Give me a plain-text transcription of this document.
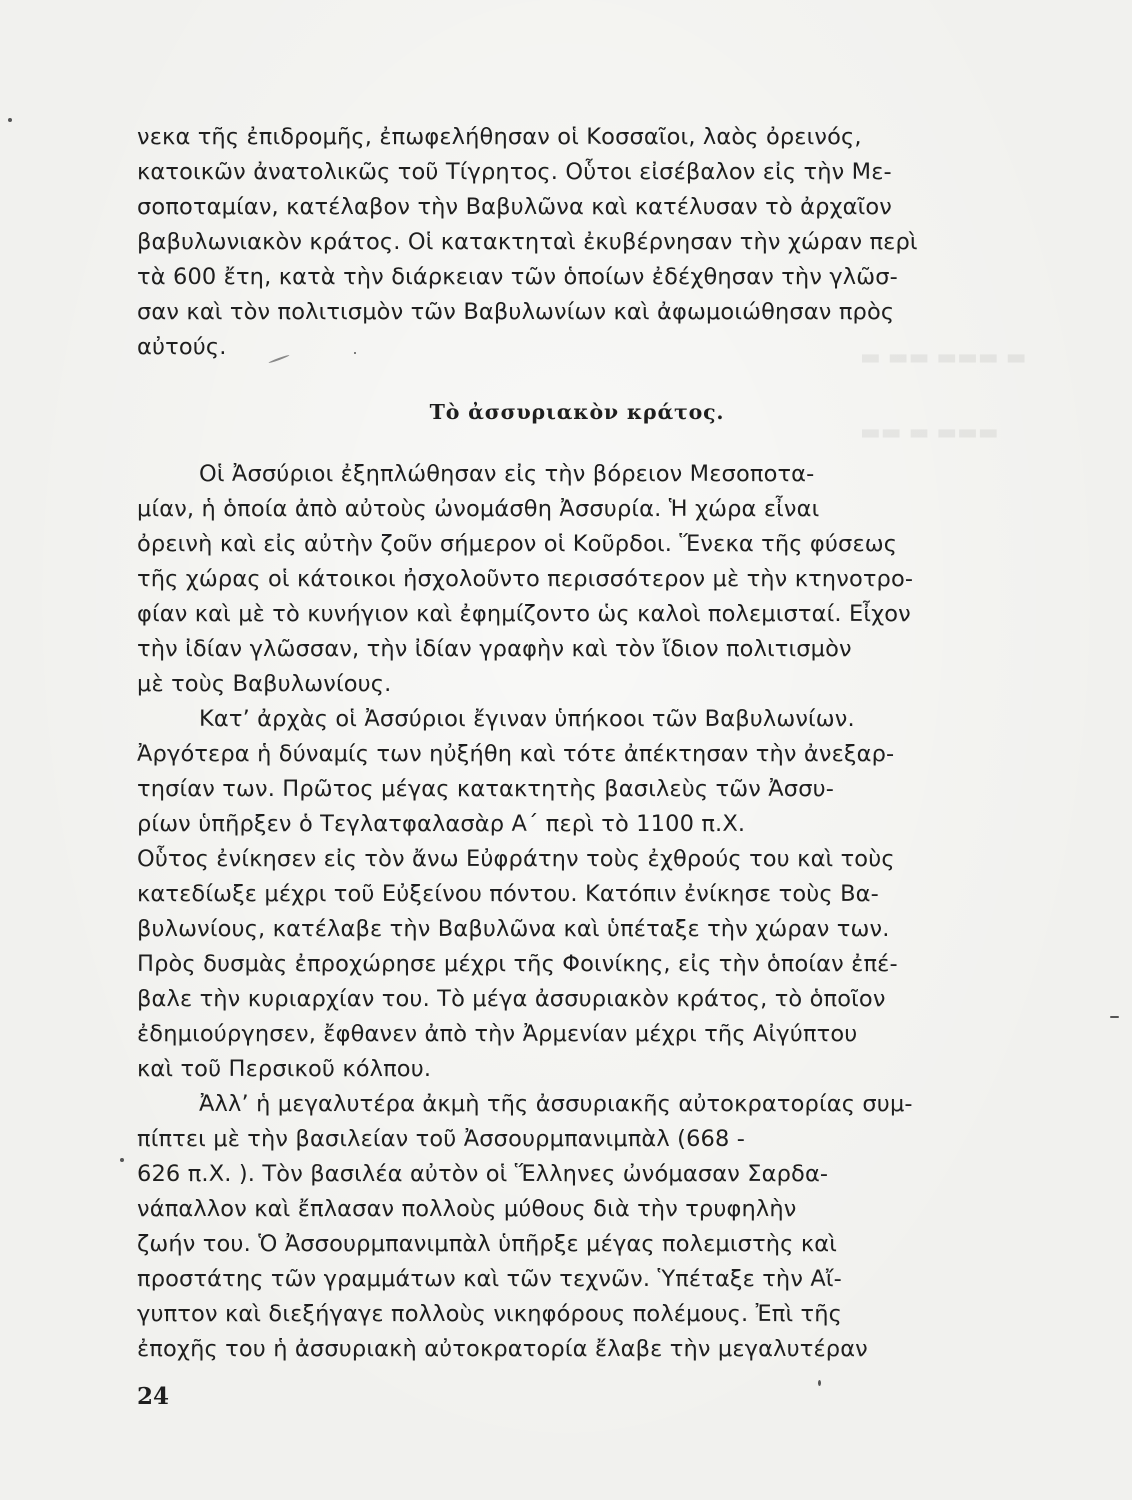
▬ ▬▬ ▬▬▬ ▬
▬▬ ▬ ▬▬▬
νεκα τῆς ἐπιδρομῆς, ἐπωφελήθησαν οἱ Κοσσαῖοι, λαὸς ὀρεινός,
κατοικῶν ἀνατολικῶς τοῦ Τίγρητος. Οὗτοι εἰσέβαλον εἰς τὴν Με-
σοποταμίαν, κατέλαβον τὴν Βαβυλῶνα καὶ κατέλυσαν τὸ ἀρχαῖον
βαβυλωνιακὸν κράτος. Οἱ κατακτηταὶ ἐκυβέρνησαν τὴν χώραν περὶ
τὰ 600 ἔτη, κατὰ τὴν διάρκειαν τῶν ὁποίων ἐδέχθησαν τὴν γλῶσ-
σαν καὶ τὸν πολιτισμὸν τῶν Βαβυλωνίων καὶ ἀφωμοιώθησαν πρὸς
αὐτούς.
Τὸ ἀσσυριακὸν κράτος.
Οἱ Ἀσσύριοι ἐξηπλώθησαν εἰς τὴν βόρειον Μεσοποτα-
μίαν, ἡ ὁποία ἀπὸ αὐτοὺς ὠνομάσθη Ἀσσυρία. Ἡ χώρα εἶναι
ὀρεινὴ καὶ εἰς αὐτὴν ζοῦν σήμερον οἱ Κοῦρδοι. Ἕνεκα τῆς φύσεως
τῆς χώρας οἱ κάτοικοι ἠσχολοῦντο περισσότερον μὲ τὴν κτηνοτρο-
φίαν καὶ μὲ τὸ κυνήγιον καὶ ἐφημίζοντο ὡς καλοὶ πολεμισταί. Εἶχον
τὴν ἰδίαν γλῶσσαν, τὴν ἰδίαν γραφὴν καὶ τὸν ἴδιον πολιτισμὸν
μὲ τοὺς Βαβυλωνίους.
Κατ’ ἀρχὰς οἱ Ἀσσύριοι ἔγιναν ὑπήκοοι τῶν Βαβυλωνίων.
Ἀργότερα ἡ δύναμίς των ηὐξήθη καὶ τότε ἀπέκτησαν τὴν ἀνεξαρ-
τησίαν των. Πρῶτος μέγας κατακτητὴς βασιλεὺς τῶν Ἀσσυ-
ρίων ὑπῆρξεν ὁ Τεγλατφαλασὰρ Α΄ περὶ τὸ 1100 π.Χ.
Οὗτος ἐνίκησεν εἰς τὸν ἄνω Εὐφράτην τοὺς ἐχθρούς του καὶ τοὺς
κατεδίωξε μέχρι τοῦ Εὐξείνου πόντου. Κατόπιν ἐνίκησε τοὺς Βα-
βυλωνίους, κατέλαβε τὴν Βαβυλῶνα καὶ ὑπέταξε τὴν χώραν των.
Πρὸς δυσμὰς ἐπροχώρησε μέχρι τῆς Φοινίκης, εἰς τὴν ὁποίαν ἐπέ-
βαλε τὴν κυριαρχίαν του. Τὸ μέγα ἀσσυριακὸν κράτος, τὸ ὁποῖον
ἐδημιούργησεν, ἔφθανεν ἀπὸ τὴν Ἀρμενίαν μέχρι τῆς Αἰγύπτου
καὶ τοῦ Περσικοῦ κόλπου.
Ἀλλ’ ἡ μεγαλυτέρα ἀκμὴ τῆς ἀσσυριακῆς αὐτοκρατορίας συμ-
πίπτει μὲ τὴν βασιλείαν τοῦ Ἀσσουρμπανιμπὰλ (668 -
626 π.Χ. ). Τὸν βασιλέα αὐτὸν οἱ Ἕλληνες ὠνόμασαν Σαρδα-
νάπαλλον καὶ ἔπλασαν πολλοὺς μύθους διὰ τὴν τρυφηλὴν
ζωήν του. Ὁ Ἀσσουρμπανιμπὰλ ὑπῆρξε μέγας πολεμιστὴς καὶ
προστάτης τῶν γραμμάτων καὶ τῶν τεχνῶν. Ὑπέταξε τὴν Αἴ-
γυπτον καὶ διεξήγαγε πολλοὺς νικηφόρους πολέμους. Ἐπὶ τῆς
ἐποχῆς του ἡ ἀσσυριακὴ αὐτοκρατορία ἔλαβε τὴν μεγαλυτέραν
24
